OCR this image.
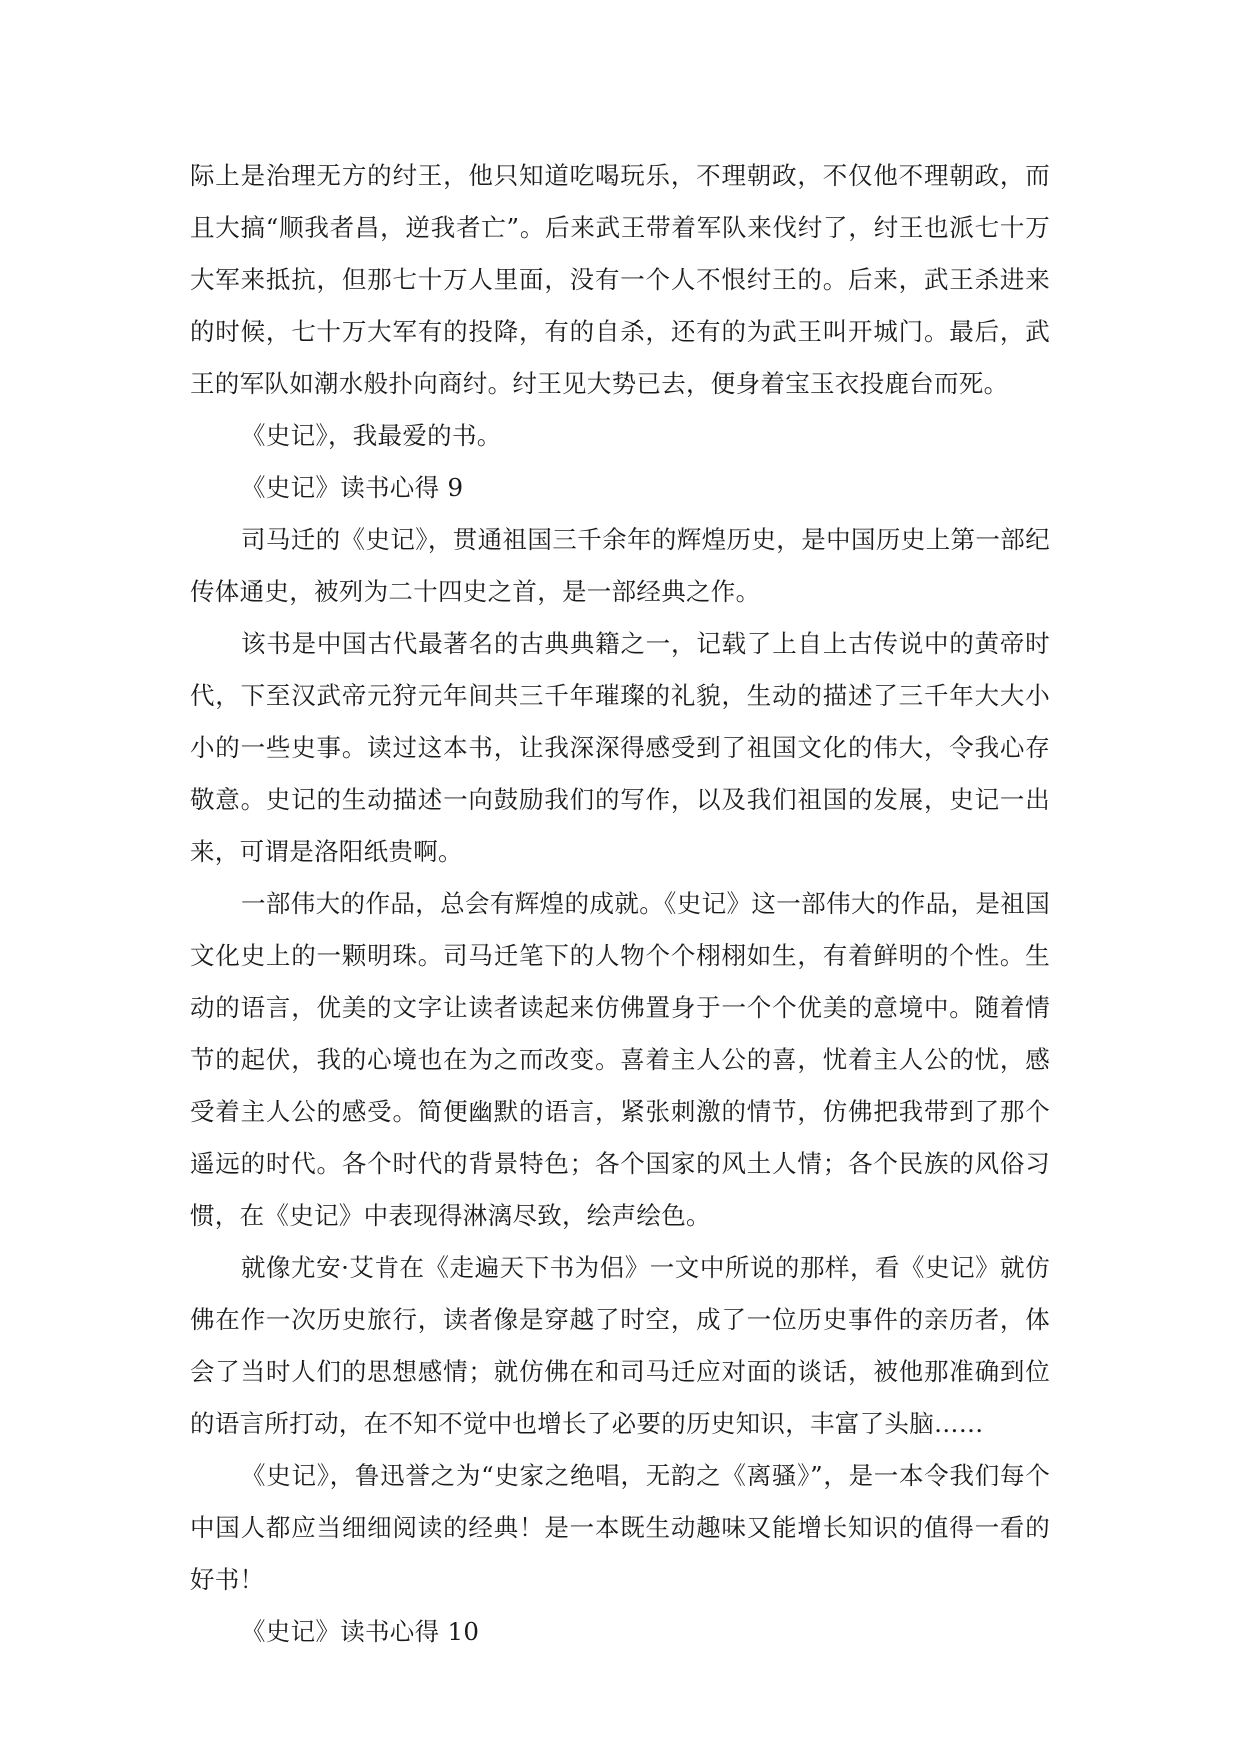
际上是治理无方的纣王，他只知道吃喝玩乐，不理朝政，不仅他不理朝政，而且大搞“顺我者昌，逆我者亡”。后来武王带着军队来伐纣了，纣王也派七十万大军来抵抗，但那七十万人里面，没有一个人不恨纣王的。后来，武王杀进来的时候，七十万大军有的投降，有的自杀，还有的为武王叫开城门。最后，武王的军队如潮水般扑向商纣。纣王见大势已去，便身着宝玉衣投鹿台而死。

《史记》，我最爱的书。

《史记》读书心得 9

司马迁的《史记》，贯通祖国三千余年的辉煌历史，是中国历史上第一部纪传体通史，被列为二十四史之首，是一部经典之作。

该书是中国古代最著名的古典典籍之一，记载了上自上古传说中的黄帝时代，下至汉武帝元狩元年间共三千年璀璨的礼貌，生动的描述了三千年大大小小的一些史事。读过这本书，让我深深得感受到了祖国文化的伟大，令我心存敬意。史记的生动描述一向鼓励我们的写作，以及我们祖国的发展，史记一出来，可谓是洛阳纸贵啊。

一部伟大的作品，总会有辉煌的成就。《史记》这一部伟大的作品，是祖国文化史上的一颗明珠。司马迁笔下的人物个个栩栩如生，有着鲜明的个性。生动的语言，优美的文字让读者读起来仿佛置身于一个个优美的意境中。随着情节的起伏，我的心境也在为之而改变。喜着主人公的喜，忧着主人公的忧，感受着主人公的感受。简便幽默的语言，紧张刺激的情节，仿佛把我带到了那个遥远的时代。各个时代的背景特色；各个国家的风土人情；各个民族的风俗习惯，在《史记》中表现得淋漓尽致，绘声绘色。

就像尤安·艾肯在《走遍天下书为侣》一文中所说的那样，看《史记》就仿佛在作一次历史旅行，读者像是穿越了时空，成了一位历史事件的亲历者，体会了当时人们的思想感情；就仿佛在和司马迁应对面的谈话，被他那准确到位的语言所打动，在不知不觉中也增长了必要的历史知识，丰富了头脑……

《史记》，鲁迅誉之为“史家之绝唱，无韵之《离骚》”，是一本令我们每个中国人都应当细细阅读的经典！是一本既生动趣味又能增长知识的值得一看的好书！

《史记》读书心得 10
